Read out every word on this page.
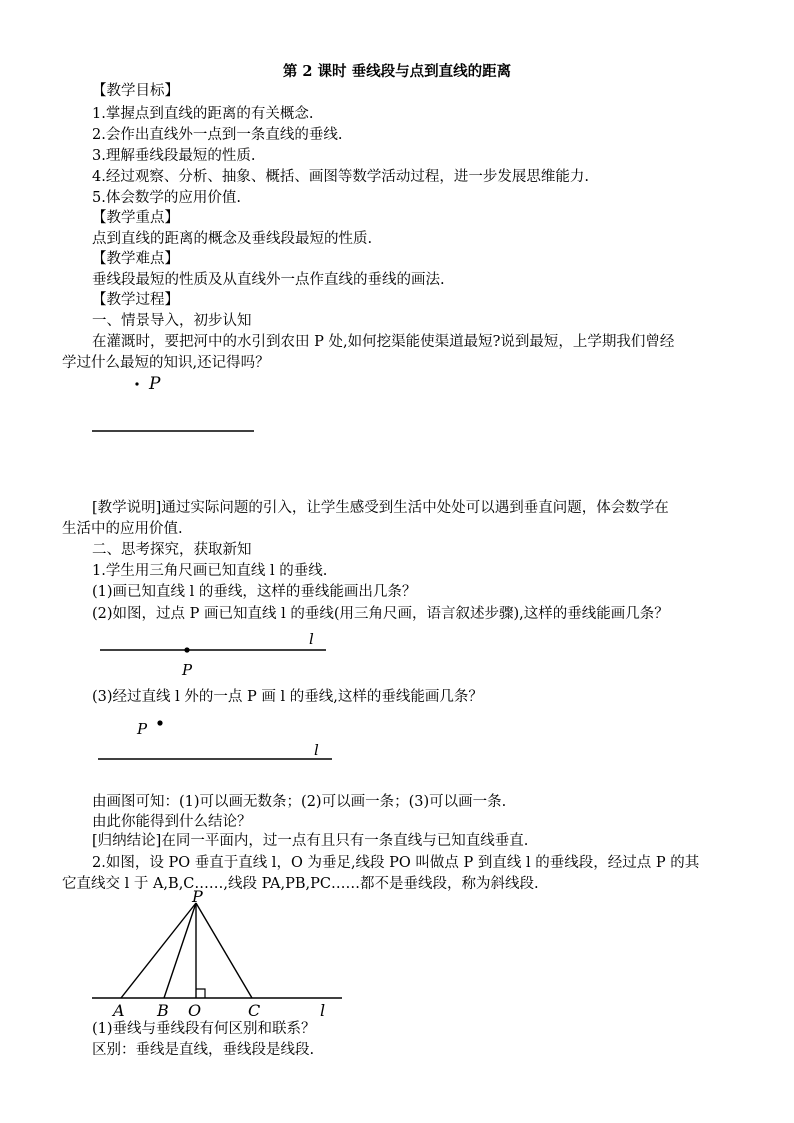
第 2 课时 垂线段与点到直线的距离
【教学目标】
1.掌握点到直线的距离的有关概念.
2.会作出直线外一点到一条直线的垂线.
3.理解垂线段最短的性质.
4.经过观察、分析、抽象、概括、画图等数学活动过程，进一步发展思维能力.
5.体会数学的应用价值.
【教学重点】
点到直线的距离的概念及垂线段最短的性质.
【教学难点】
垂线段最短的性质及从直线外一点作直线的垂线的画法.
【教学过程】
一、情景导入，初步认知
在灌溉时，要把河中的水引到农田 P 处,如何挖渠能使渠道最短?说到最短，上学期我们曾经
学过什么最短的知识,还记得吗？
P
[教学说明]通过实际问题的引入，让学生感受到生活中处处可以遇到垂直问题，体会数学在
生活中的应用价值.
二、思考探究，获取新知
1.学生用三角尺画已知直线 l 的垂线.
(1)画已知直线 l 的垂线，这样的垂线能画出几条？
(2)如图，过点 P 画已知直线 l 的垂线(用三角尺画，语言叙述步骤),这样的垂线能画几条？
P
l
(3)经过直线 l 外的一点 P 画 l 的垂线,这样的垂线能画几条？
P
l
由画图可知：(1)可以画无数条；(2)可以画一条；(3)可以画一条.
由此你能得到什么结论？
[归纳结论]在同一平面内，过一点有且只有一条直线与已知直线垂直.
2.如图，设 PO 垂直于直线 l，O 为垂足,线段 PO 叫做点 P 到直线 l 的垂线段，经过点 P 的其
它直线交 l 于 A,B,C……,线段 PA,PB,PC……都不是垂线段，称为斜线段.
P
A B O	C	l
(1)垂线与垂线段有何区别和联系？
区别：垂线是直线，垂线段是线段.
